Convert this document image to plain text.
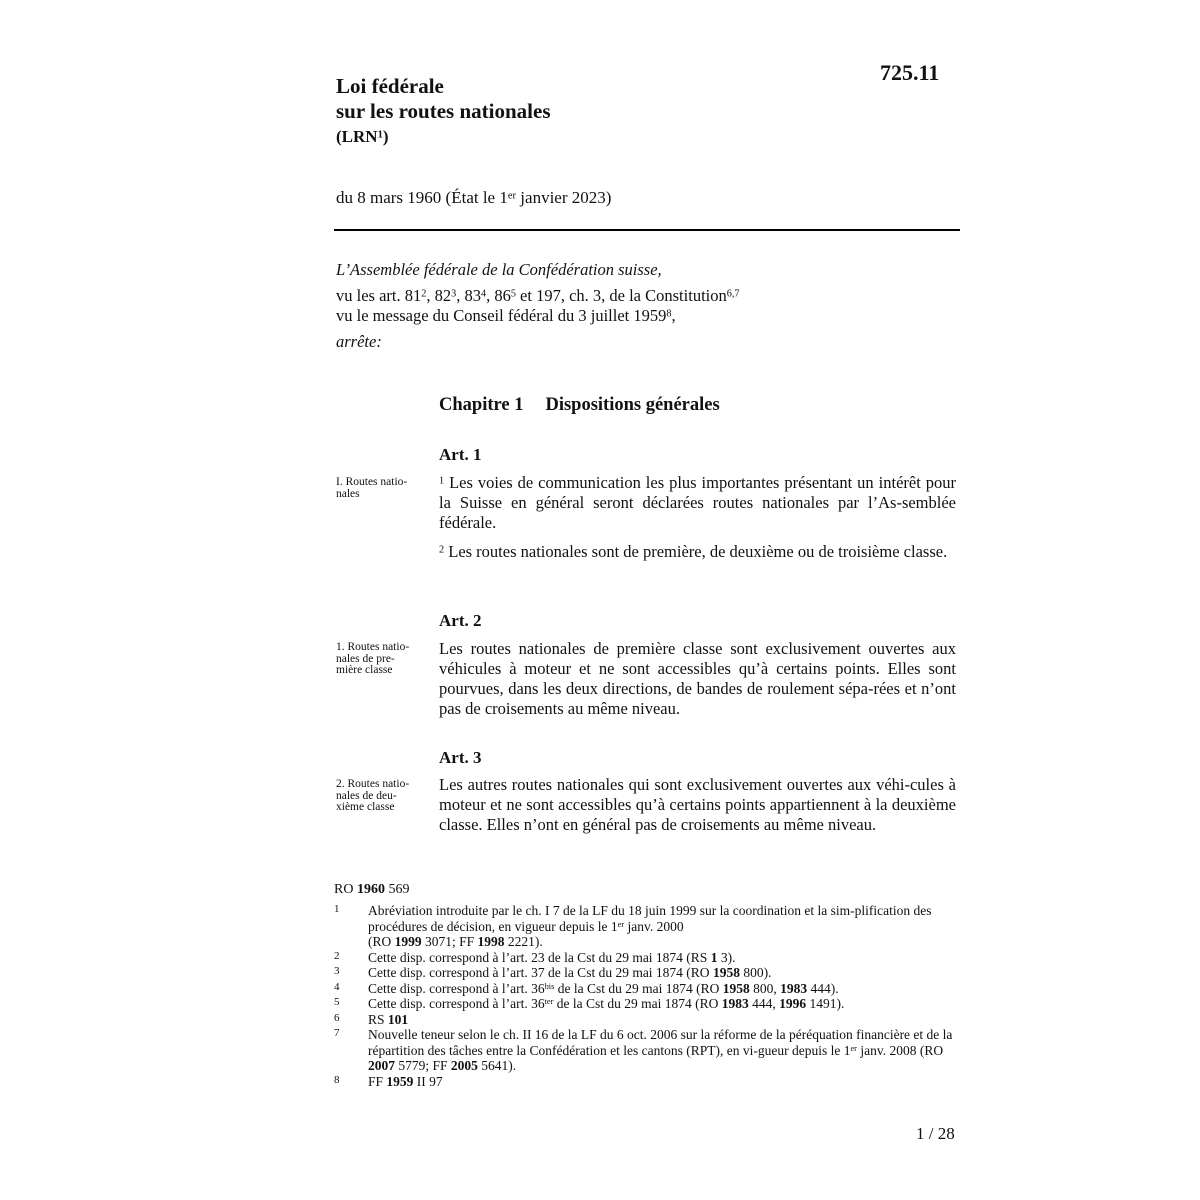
Loi fédérale
sur les routes nationales
(LRN$^1$)
725.11
du 8 mars 1960 (État le 1er janvier 2023)
L’Assemblée fédérale de la Confédération suisse,
vu les art. $81^2$, $82^3$, $83^4$, $86^5$ et 197, ch. 3, de la Constitution$^{6,7}$
vu le message du Conseil fédéral du 3 juillet 1959$^8$,
arrête:
Chapitre 1 Dispositions générales
Art. 1
I. Routes natio-
nales

$^1$ Les voies de communication les plus importantes présentant un intérêt pour la Suisse en général seront déclarées routes nationales par l’As-semblée fédérale.

$^2$ Les routes nationales sont de première, de deuxième ou de troisième classe.

Art. 2
1. Routes natio-
nales de pre-
mière classe

Les routes nationales de première classe sont exclusivement ouvertes aux véhicules à moteur et ne sont accessibles qu’à certains points. Elles sont pourvues, dans les deux directions, de bandes de roulement sépa-rées et n’ont pas de croisements au même niveau.

Art. 3
2. Routes natio-
nales de deu-
xième classe

Les autres routes nationales qui sont exclusivement ouvertes aux véhi-cules à moteur et ne sont accessibles qu’à certains points appartiennent à la deuxième classe. Elles n’ont en général pas de croisements au même niveau.

RO 1960 569
1	Abréviation introduite par le ch. I 7 de la LF du 18 juin 1999 sur la coordination et la sim-plification des procédures de décision, en vigueur depuis le 1er janv. 2000
(RO 1999 3071; FF 1998 2221).
2	Cette disp. correspond à l’art. 23 de la Cst du 29 mai 1874 (RS 1 3).
3	Cette disp. correspond à l’art. 37 de la Cst du 29 mai 1874 (RO 1958 800).
4	Cette disp. correspond à l’art. $36^{bis}$ de la Cst du 29 mai 1874 (RO 1958 800, 1983 444).
5	Cette disp. correspond à l’art. $36^{ter}$ de la Cst du 29 mai 1874 (RO 1983 444, 1996 1491).
6	RS 101
7	Nouvelle teneur selon le ch. II 16 de la LF du 6 oct. 2006 sur la réforme de la péréquation financière et de la répartition des tâches entre la Confédération et les cantons (RPT), en vi-gueur depuis le 1er janv. 2008 (RO 2007 5779; FF 2005 5641).
8	FF 1959 II 97
1 / 28
